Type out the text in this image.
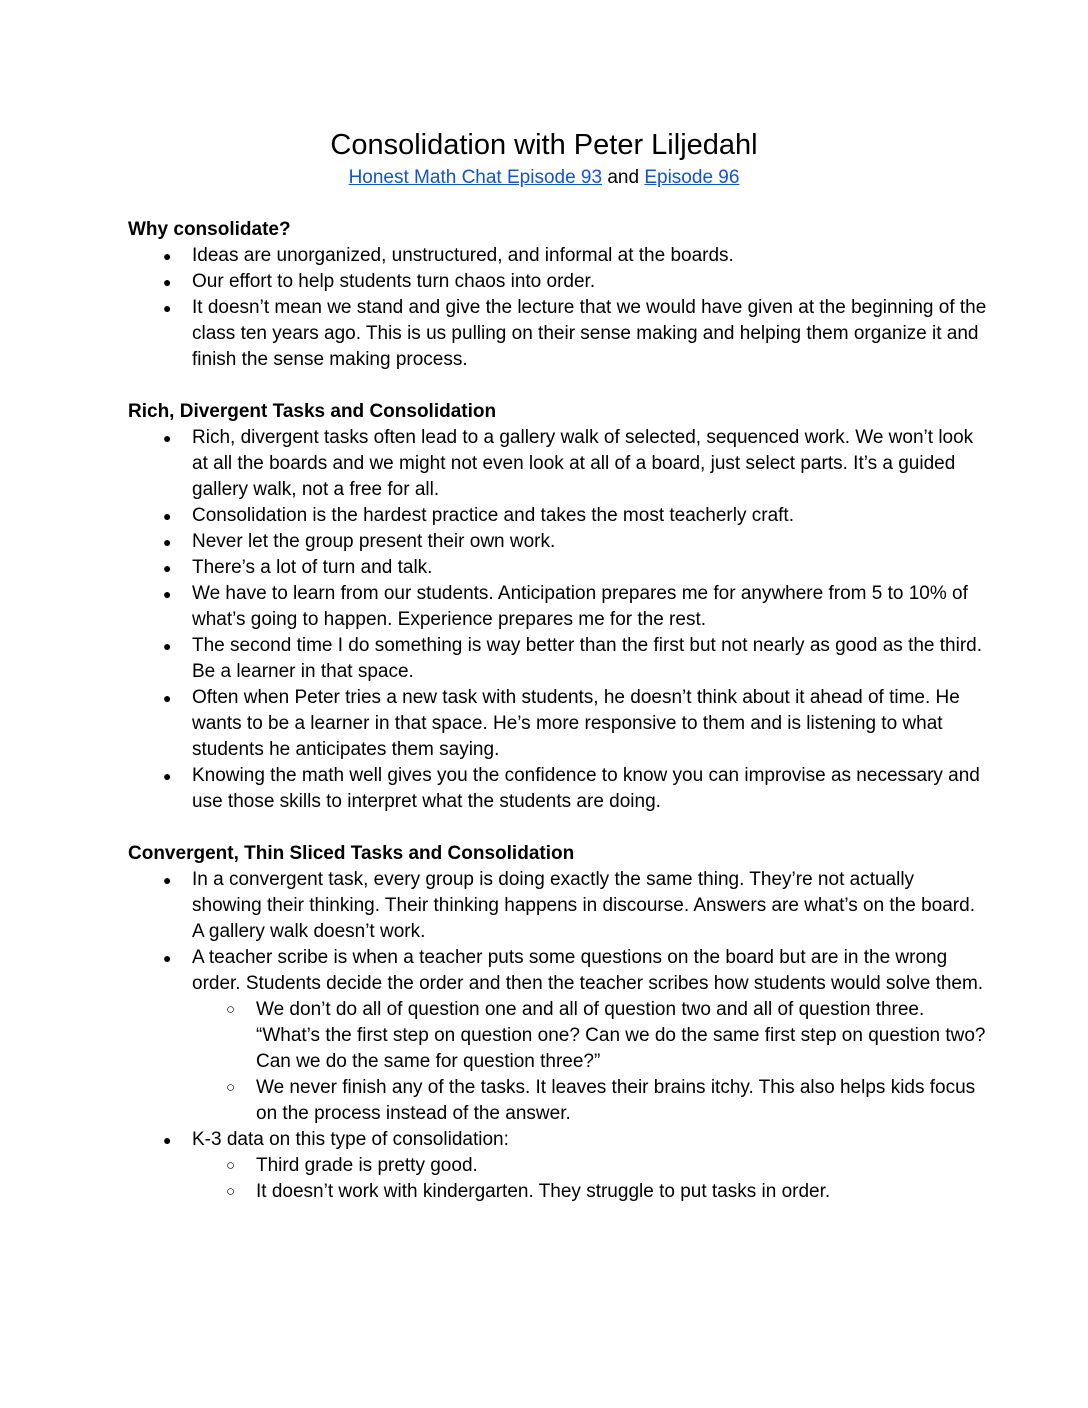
Consolidation with Peter Liljedahl
Honest Math Chat Episode 93 and Episode 96

Why consolidate?

● Ideas are unorganized, unstructured, and informal at the boards.
● Our effort to help students turn chaos into order.
● It doesn’t mean we stand and give the lecture that we would have given at the beginning of the class ten years ago. This is us pulling on their sense making and helping them organize it and finish the sense making process.

Rich, Divergent Tasks and Consolidation

● Rich, divergent tasks often lead to a gallery walk of selected, sequenced work. We won’t look at all the boards and we might not even look at all of a board, just select parts. It’s a guided gallery walk, not a free for all.
● Consolidation is the hardest practice and takes the most teacherly craft.
● Never let the group present their own work.
● There’s a lot of turn and talk.
● We have to learn from our students. Anticipation prepares me for anywhere from 5 to 10% of what’s going to happen. Experience prepares me for the rest.
● The second time I do something is way better than the first but not nearly as good as the third. Be a learner in that space.
● Often when Peter tries a new task with students, he doesn’t think about it ahead of time. He wants to be a learner in that space. He’s more responsive to them and is listening to what students he anticipates them saying.
● Knowing the math well gives you the confidence to know you can improvise as necessary and use those skills to interpret what the students are doing.

Convergent, Thin Sliced Tasks and Consolidation

● In a convergent task, every group is doing exactly the same thing. They’re not actually showing their thinking. Their thinking happens in discourse. Answers are what’s on the board. A gallery walk doesn’t work.
● A teacher scribe is when a teacher puts some questions on the board but are in the wrong order. Students decide the order and then the teacher scribes how students would solve them.
○ We don’t do all of question one and all of question two and all of question three. “What’s the first step on question one? Can we do the same first step on question two? Can we do the same for question three?”
○ We never finish any of the tasks. It leaves their brains itchy. This also helps kids focus on the process instead of the answer.
● K-3 data on this type of consolidation:
○ Third grade is pretty good.
○ It doesn’t work with kindergarten. They struggle to put tasks in order.
